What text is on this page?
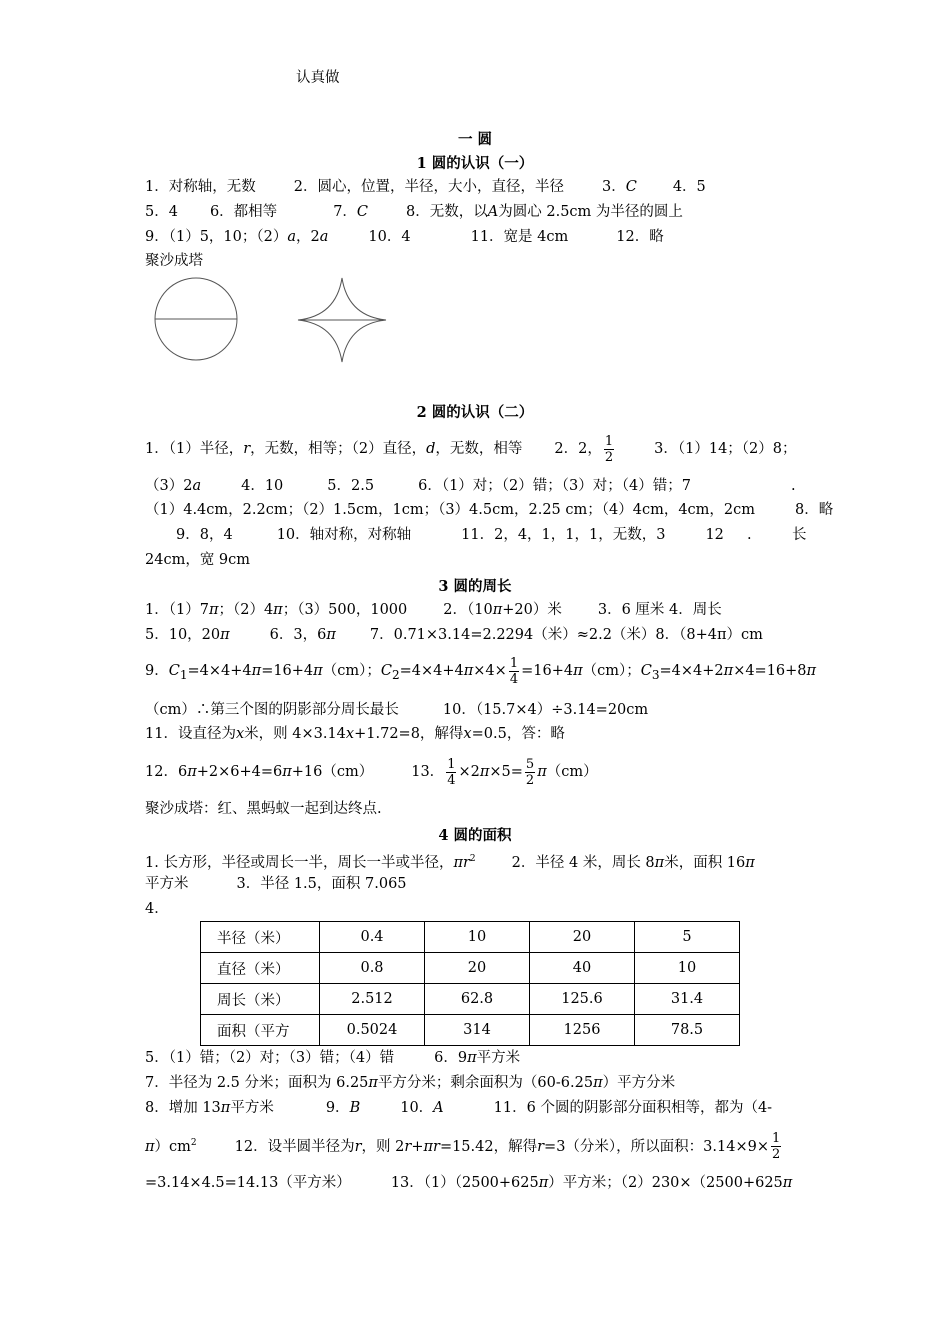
认真做
一 圆
1 圆的认识（一）
1．对称轴，无数	2．圆心，位置，半径，大小，直径，半径	3．C 4．5
5．4 6．都相等	7．C	8．无数，以A为圆心 2.5cm 为半径的圆上
9．（1）5，10；（2）a，2a	10．4	11．宽是 4cm	12．略
聚沙成塔
2 圆的认识（二）
1．（1）半径，r，无数，相等；（2）直径，d，无数，相等 2．2， $\frac{1}{2}$	3．（1）14；（2）8；
（3）2a	4．10	5．2.5	6．（1）对；（2）错；（3）对；（4）错；7	.
（1）4.4cm，2.2cm；（2）1.5cm，1cm；（3）4.5cm，2.25 cm；（4）4cm，4cm，2cm	8．略
9．8，4	10．轴对称，对称轴	11．2，4，1，1，1，无数，3	12 .	长
24cm，宽 9cm
3 圆的周长
1．（1）7π；（2）4π；（3）500，1000 2．（10π+20）米 3．6 厘米 4．周长
5．10，20π	6．3，6π 7．0.71×3.14=2.2294（米）≈2.2（米）8．（8+4π）cm
9．$C_1=4\times 4+4\pi=16+4\pi(cm)$；$C_2=4\times 4+4\pi\times 4\times \frac{1}{4} =16+4\pi(cm)$；$C_3=4\times 4+2\pi\times 4=16+8\pi$
（cm）∴第三个图的阴影部分周长最长	10．（15.7×4）÷3.14=20cm
11．设直径为x米，则 4×3.14x+1.72=8，解得x=0.5，答：略
12．6π+2×6+4=6π+16（cm）	13． $\frac{1}{4} \times 2\pi\times 5= \frac{5}{2} \pi(cm)$
聚沙成塔：红、黑蚂蚁一起到达终点.
4 圆的面积
1. 长方形，半径或周长一半，周长一半或半径，$\pi r^2$ 2．半径 4 米，周长 8π米，面积 16π
平方米	3．半径 1.5，面积 7.065
4．
半径（米）	0.4	10	20	5
直径（米）	0.8	20	40	10
周长（米）	2.512	62.8	125.6	31.4
面积（平方	0.5024	314	1256	78.5
5．（1）错；（2）对；（3）错；（4）错	6．9π平方米
7．半径为 2.5 分米；面积为 6.25π平方分米；剩余面积为（60-6.25π）平方分米
8．增加 13π平方米	9．B	10．A	11．6 个圆的阴影部分面积相等，都为（4-
$\pi)cm^2$	12．设半圆半径为r，则 2r+πr=15.42，解得r=3（分米），所以面积：$3.14\times 9\times \frac{1}{2}$
=3.14×4.5=14.13（平方米）	13．（1）（2500+625π）平方米；（2）230×（2500+625π
